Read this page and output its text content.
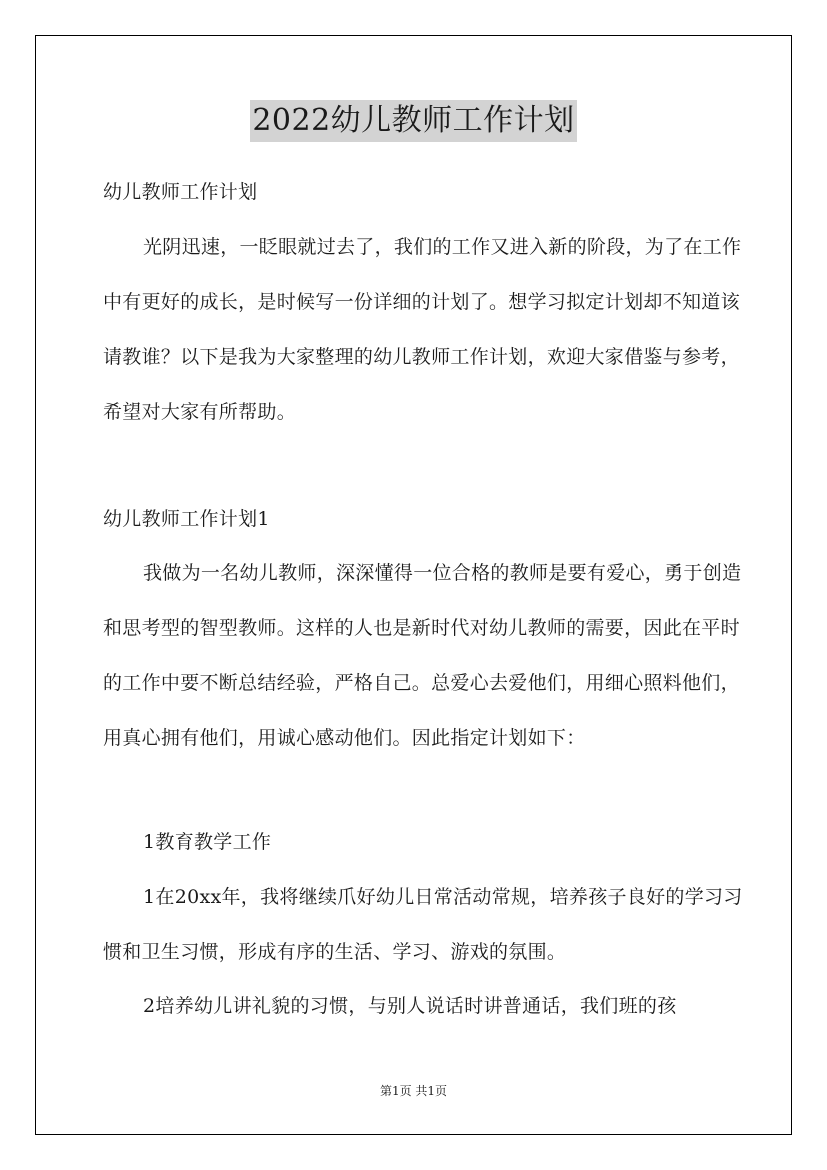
2022幼儿教师工作计划

幼儿教师工作计划

光阴迅速，一眨眼就过去了，我们的工作又进入新的阶段，为了在工作中有更好的成长，是时候写一份详细的计划了。想学习拟定计划却不知道该请教谁？以下是我为大家整理的幼儿教师工作计划，欢迎大家借鉴与参考，希望对大家有所帮助。

幼儿教师工作计划1

我做为一名幼儿教师，深深懂得一位合格的教师是要有爱心，勇于创造和思考型的智型教师。这样的人也是新时代对幼儿教师的需要，因此在平时的工作中要不断总结经验，严格自己。总爱心去爱他们，用细心照料他们，用真心拥有他们，用诚心感动他们。因此指定计划如下：

1教育教学工作

1在20xx年，我将继续爪好幼儿日常活动常规，培养孩子良好的学习习惯和卫生习惯，形成有序的生活、学习、游戏的氛围。

2培养幼儿讲礼貌的习惯，与别人说话时讲普通话，我们班的孩

第1页 共1页
